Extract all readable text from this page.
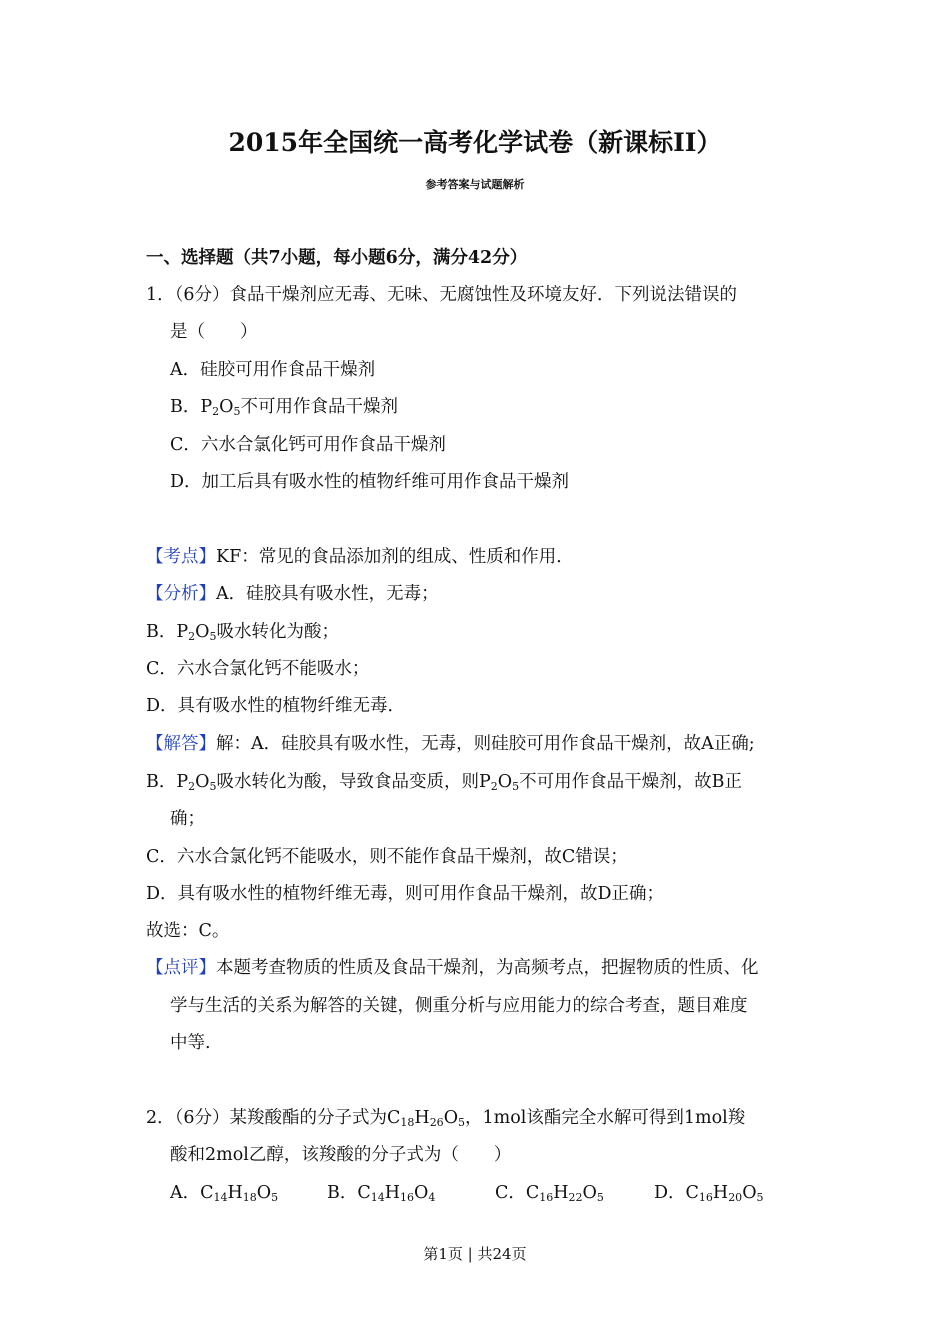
2015年全国统一高考化学试卷（新课标II）
参考答案与试题解析
一、选择题（共7小题，每小题6分，满分42分）
1．（6分）食品干燥剂应无毒、无味、无腐蚀性及环境友好．下列说法错误的
是（　　）
A．硅胶可用作食品干燥剂
B．$P_2O_5$不可用作食品干燥剂
C．六水合氯化钙可用作食品干燥剂
D．加工后具有吸水性的植物纤维可用作食品干燥剂
【考点】KF：常见的食品添加剂的组成、性质和作用．
【分析】A．硅胶具有吸水性，无毒；
B．$P_2O_5$吸水转化为酸；
C．六水合氯化钙不能吸水；
D．具有吸水性的植物纤维无毒．
【解答】解：A．硅胶具有吸水性，无毒，则硅胶可用作食品干燥剂，故A正确;
B．$P_2O_5$吸水转化为酸，导致食品变质，则$P_2O_5$不可用作食品干燥剂，故B正
确；
C．六水合氯化钙不能吸水，则不能作食品干燥剂，故C错误；
D．具有吸水性的植物纤维无毒，则可用作食品干燥剂，故D正确；
故选：C。
【点评】本题考查物质的性质及食品干燥剂，为高频考点，把握物质的性质、化
学与生活的关系为解答的关键，侧重分析与应用能力的综合考查，题目难度
中等.
2．（6分）某羧酸酯的分子式为$C_{18}H_{26}O_5$，1mol该酯完全水解可得到1mol羧
酸和2mol乙醇，该羧酸的分子式为（　　）
A．$C_{14}H_{18}O_5$	B．$C_{14}H_{16}O_4$	C．$C_{16}H_{22}O_5$	D．$C_{16}H_{20}O_5$
第1页 | 共24页
